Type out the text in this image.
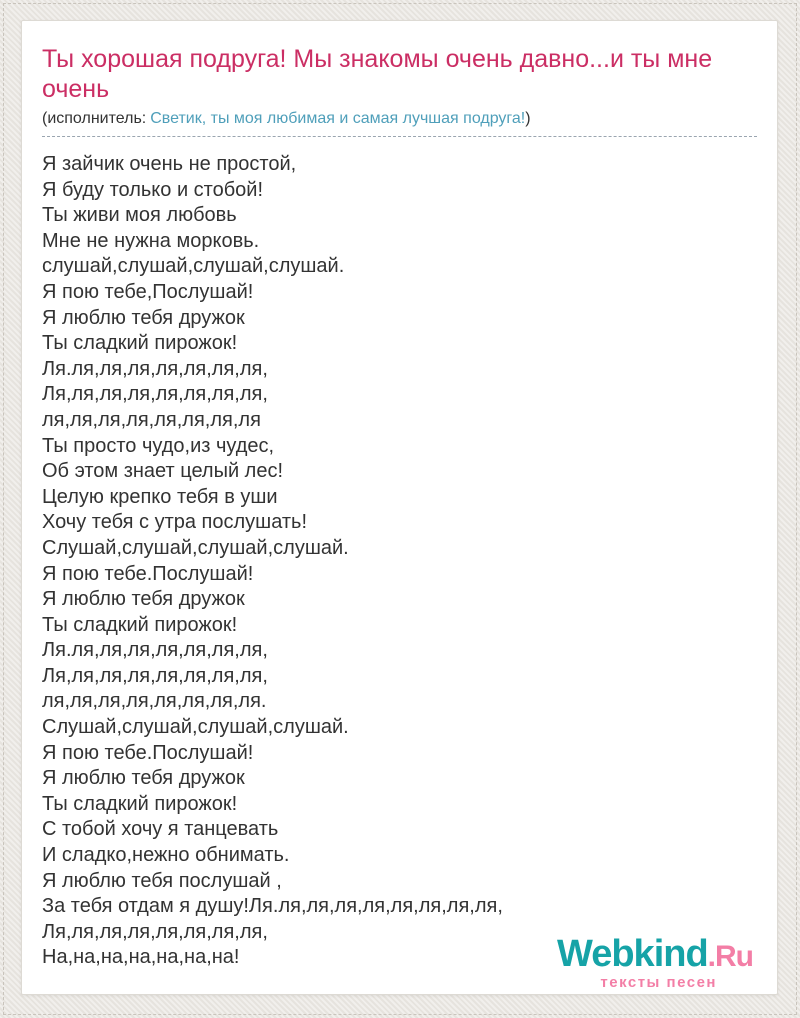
Ты хорошая подруга! Мы знакомы очень давно...и ты мне очень
(исполнитель: Светик, ты моя любимая и самая лучшая подруга!)
Я зайчик очень не простой,
Я буду только и стобой!
Ты живи моя любовь
Мне не нужна морковь.
слушай,слушай,слушай,слушай.
Я пою тебе,Послушай!
Я люблю тебя дружок
Ты сладкий пирожок!
Ля.ля,ля,ля,ля,ля,ля,ля,
Ля,ля,ля,ля,ля,ля,ля,ля,
ля,ля,ля,ля,ля,ля,ля,ля
Ты просто чудо,из чудес,
Об этом знает целый лес!
Целую крепко тебя в уши
Хочу тебя с утра послушать!
Слушай,слушай,слушай,слушай.
Я пою тебе.Послушай!
Я люблю тебя дружок
Ты сладкий пирожок!
Ля.ля,ля,ля,ля,ля,ля,ля,
Ля,ля,ля,ля,ля,ля,ля,ля,
ля,ля,ля,ля,ля,ля,ля,ля.
Слушай,слушай,слушай,слушай.
Я пою тебе.Послушай!
Я люблю тебя дружок
Ты сладкий пирожок!
С тобой хочу я танцевать
И сладко,нежно обнимать.
Я люблю тебя послушай ,
За тебя отдам я душу!Ля.ля,ля,ля,ля,ля,ля,ля,ля,
Ля,ля,ля,ля,ля,ля,ля,ля,
На,на,на,на,на,на,на!	Webkind.Ru
тексты песен
